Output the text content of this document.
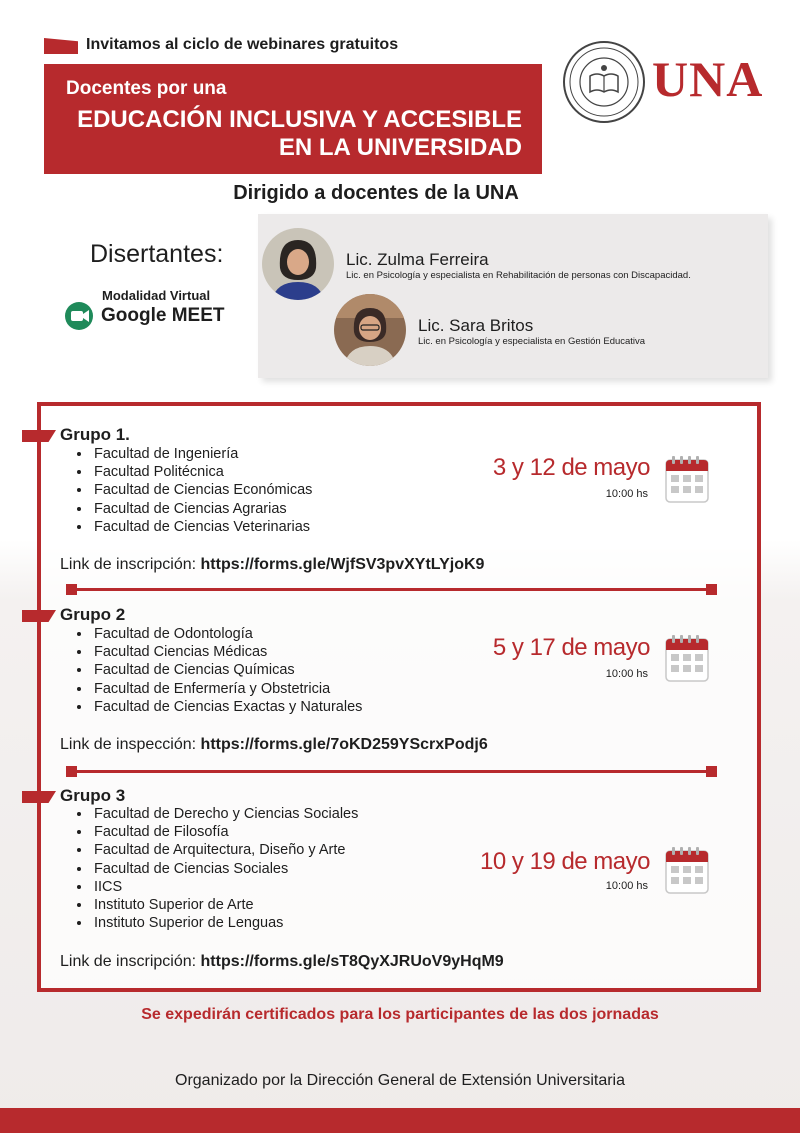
Invitamos al ciclo de webinares gratuitos
Docentes por una
EDUCACIÓN INCLUSIVA Y ACCESIBLE
EN LA UNIVERSIDAD
UNA
Dirigido a docentes de la UNA
Disertantes:
Modalidad Virtual
Google MEET
Lic. Zulma Ferreira
Lic. en Psicología y especialista en Rehabilitación de personas con Discapacidad.
Lic. Sara Britos
Lic. en Psicología y especialista en Gestión Educativa
Grupo 1.
• Facultad de Ingeniería
• Facultad Politécnica
• Facultad de Ciencias Económicas
• Facultad de Ciencias Agrarias
• Facultad de Ciencias Veterinarias
3 y 12 de mayo
10:00 hs
Link de inscripción: https://forms.gle/WjfSV3pvXYtLYjoK9
Grupo 2
• Facultad de Odontología
• Facultad Ciencias Médicas
• Facultad de Ciencias Químicas
• Facultad de Enfermería y Obstetricia
• Facultad de Ciencias Exactas y Naturales
5 y 17 de mayo
10:00 hs
Link de inspección: https://forms.gle/7oKD259YScrxPodj6
Grupo 3
• Facultad de Derecho y Ciencias Sociales
• Facultad de Filosofía
• Facultad de Arquitectura, Diseño y Arte
• Facultad de Ciencias Sociales
• IICS
• Instituto Superior de Arte
• Instituto Superior de Lenguas
10 y 19 de mayo
10:00 hs
Link de inscripción: https://forms.gle/sT8QyXJRUoV9yHqM9
Se expedirán certificados para los participantes de las dos jornadas
Organizado por la Dirección General de Extensión Universitaria
